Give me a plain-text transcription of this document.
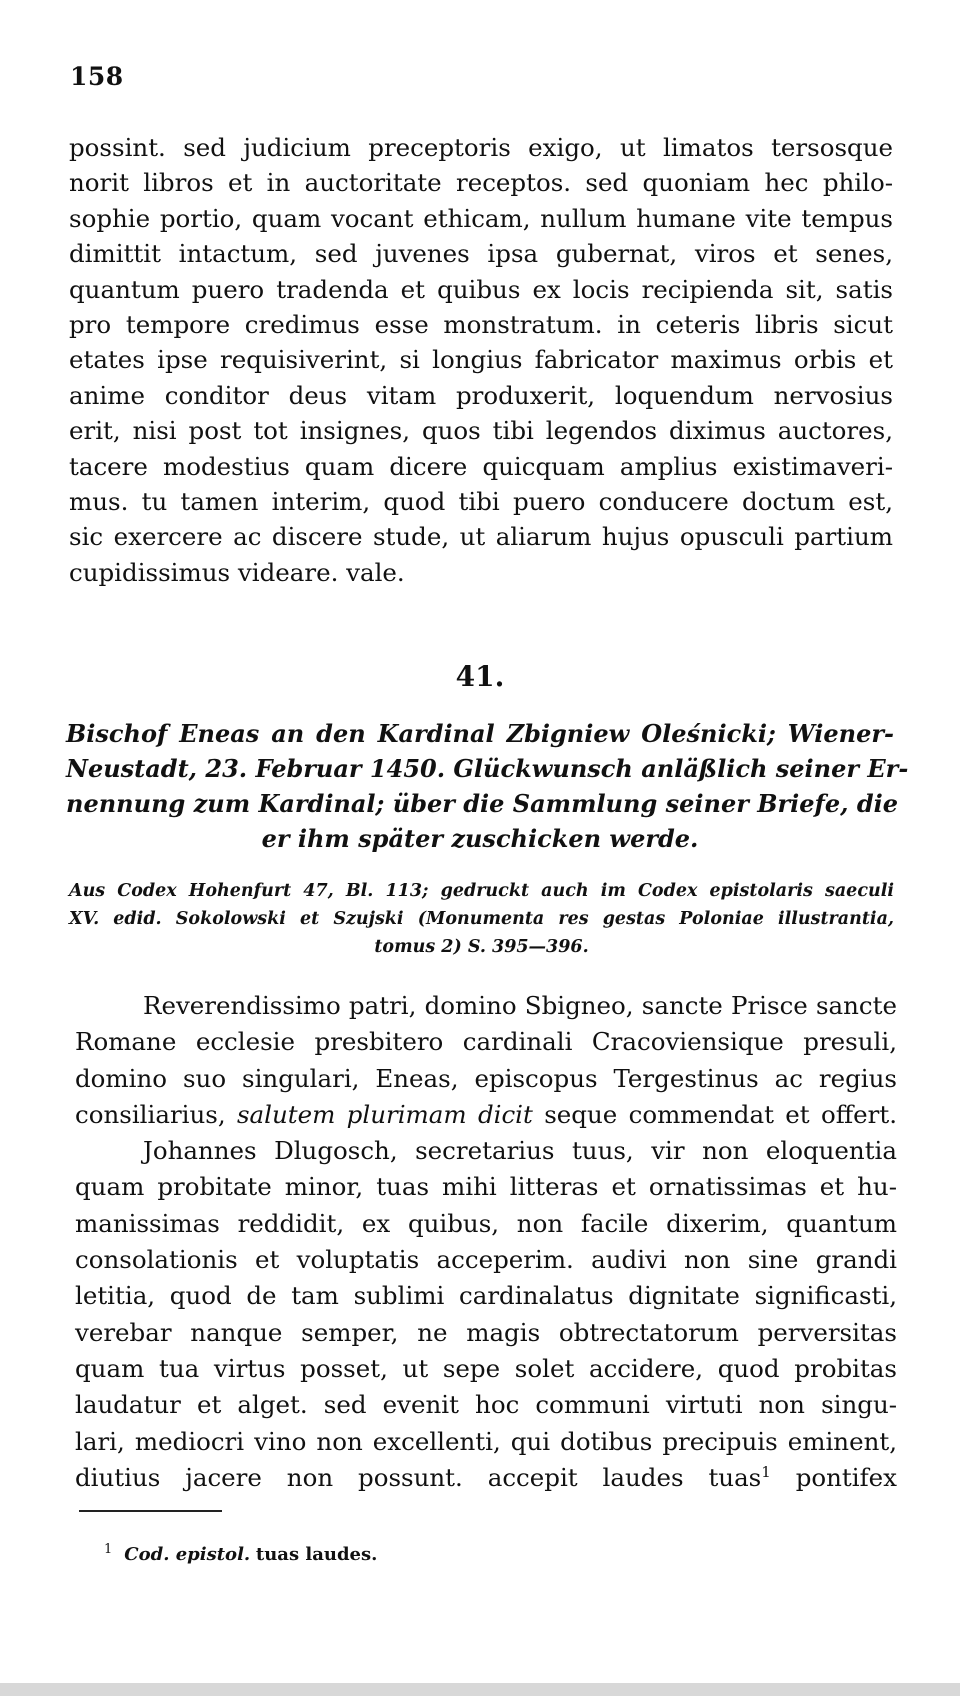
158
possint. sed judicium preceptoris exigo, ut limatos tersosque
norit libros et in auctoritate receptos. sed quoniam hec philo-
sophie portio, quam vocant ethicam, nullum humane vite tempus
dimittit intactum, sed juvenes ipsa gubernat, viros et senes,
quantum puero tradenda et quibus ex locis recipienda sit, satis
pro tempore credimus esse monstratum. in ceteris libris sicut
etates ipse requisiverint, si longius fabricator maximus orbis et
anime conditor deus vitam produxerit, loquendum nervosius
erit, nisi post tot insignes, quos tibi legendos diximus auctores,
tacere modestius quam dicere quicquam amplius existimaveri-
mus. tu tamen interim, quod tibi puero conducere doctum est,
sic exercere ac discere stude, ut aliarum hujus opusculi partium
cupidissimus videare. vale.
41.
Bischof Eneas an den Kardinal Zbigniew Oleśnicki; Wiener-
Neustadt, 23. Februar 1450. Glückwunsch anläßlich seiner Er-
nennung zum Kardinal; über die Sammlung seiner Briefe, die
er ihm später zuschicken werde.
Aus Codex Hohenfurt 47, Bl. 113; gedruckt auch im Codex epistolaris saeculi
XV. edid. Sokolowski et Szujski (Monumenta res gestas Poloniae illustrantia,
tomus 2) S. 395—396.
Reverendissimo patri, domino Sbigneo, sancte Prisce sancte
Romane ecclesie presbitero cardinali Cracoviensique presuli,
domino suo singulari, Eneas, episcopus Tergestinus ac regius
consiliarius, salutem plurimam dicit seque commendat et offert.
Johannes Dlugosch, secretarius tuus, vir non eloquentia
quam probitate minor, tuas mihi litteras et ornatissimas et hu-
manissimas reddidit, ex quibus, non facile dixerim, quantum
consolationis et voluptatis acceperim. audivi non sine grandi
letitia, quod de tam sublimi cardinalatus dignitate significasti,
verebar nanque semper, ne magis obtrectatorum perversitas
quam tua virtus posset, ut sepe solet accidere, quod probitas
laudatur et alget. sed evenit hoc communi virtuti non singu-
lari, mediocri vino non excellenti, qui dotibus precipuis eminent,
diutius jacere non possunt. accepit laudes tuas$^1$ pontifex
$^1$ Cod. epistol. tuas laudes.
